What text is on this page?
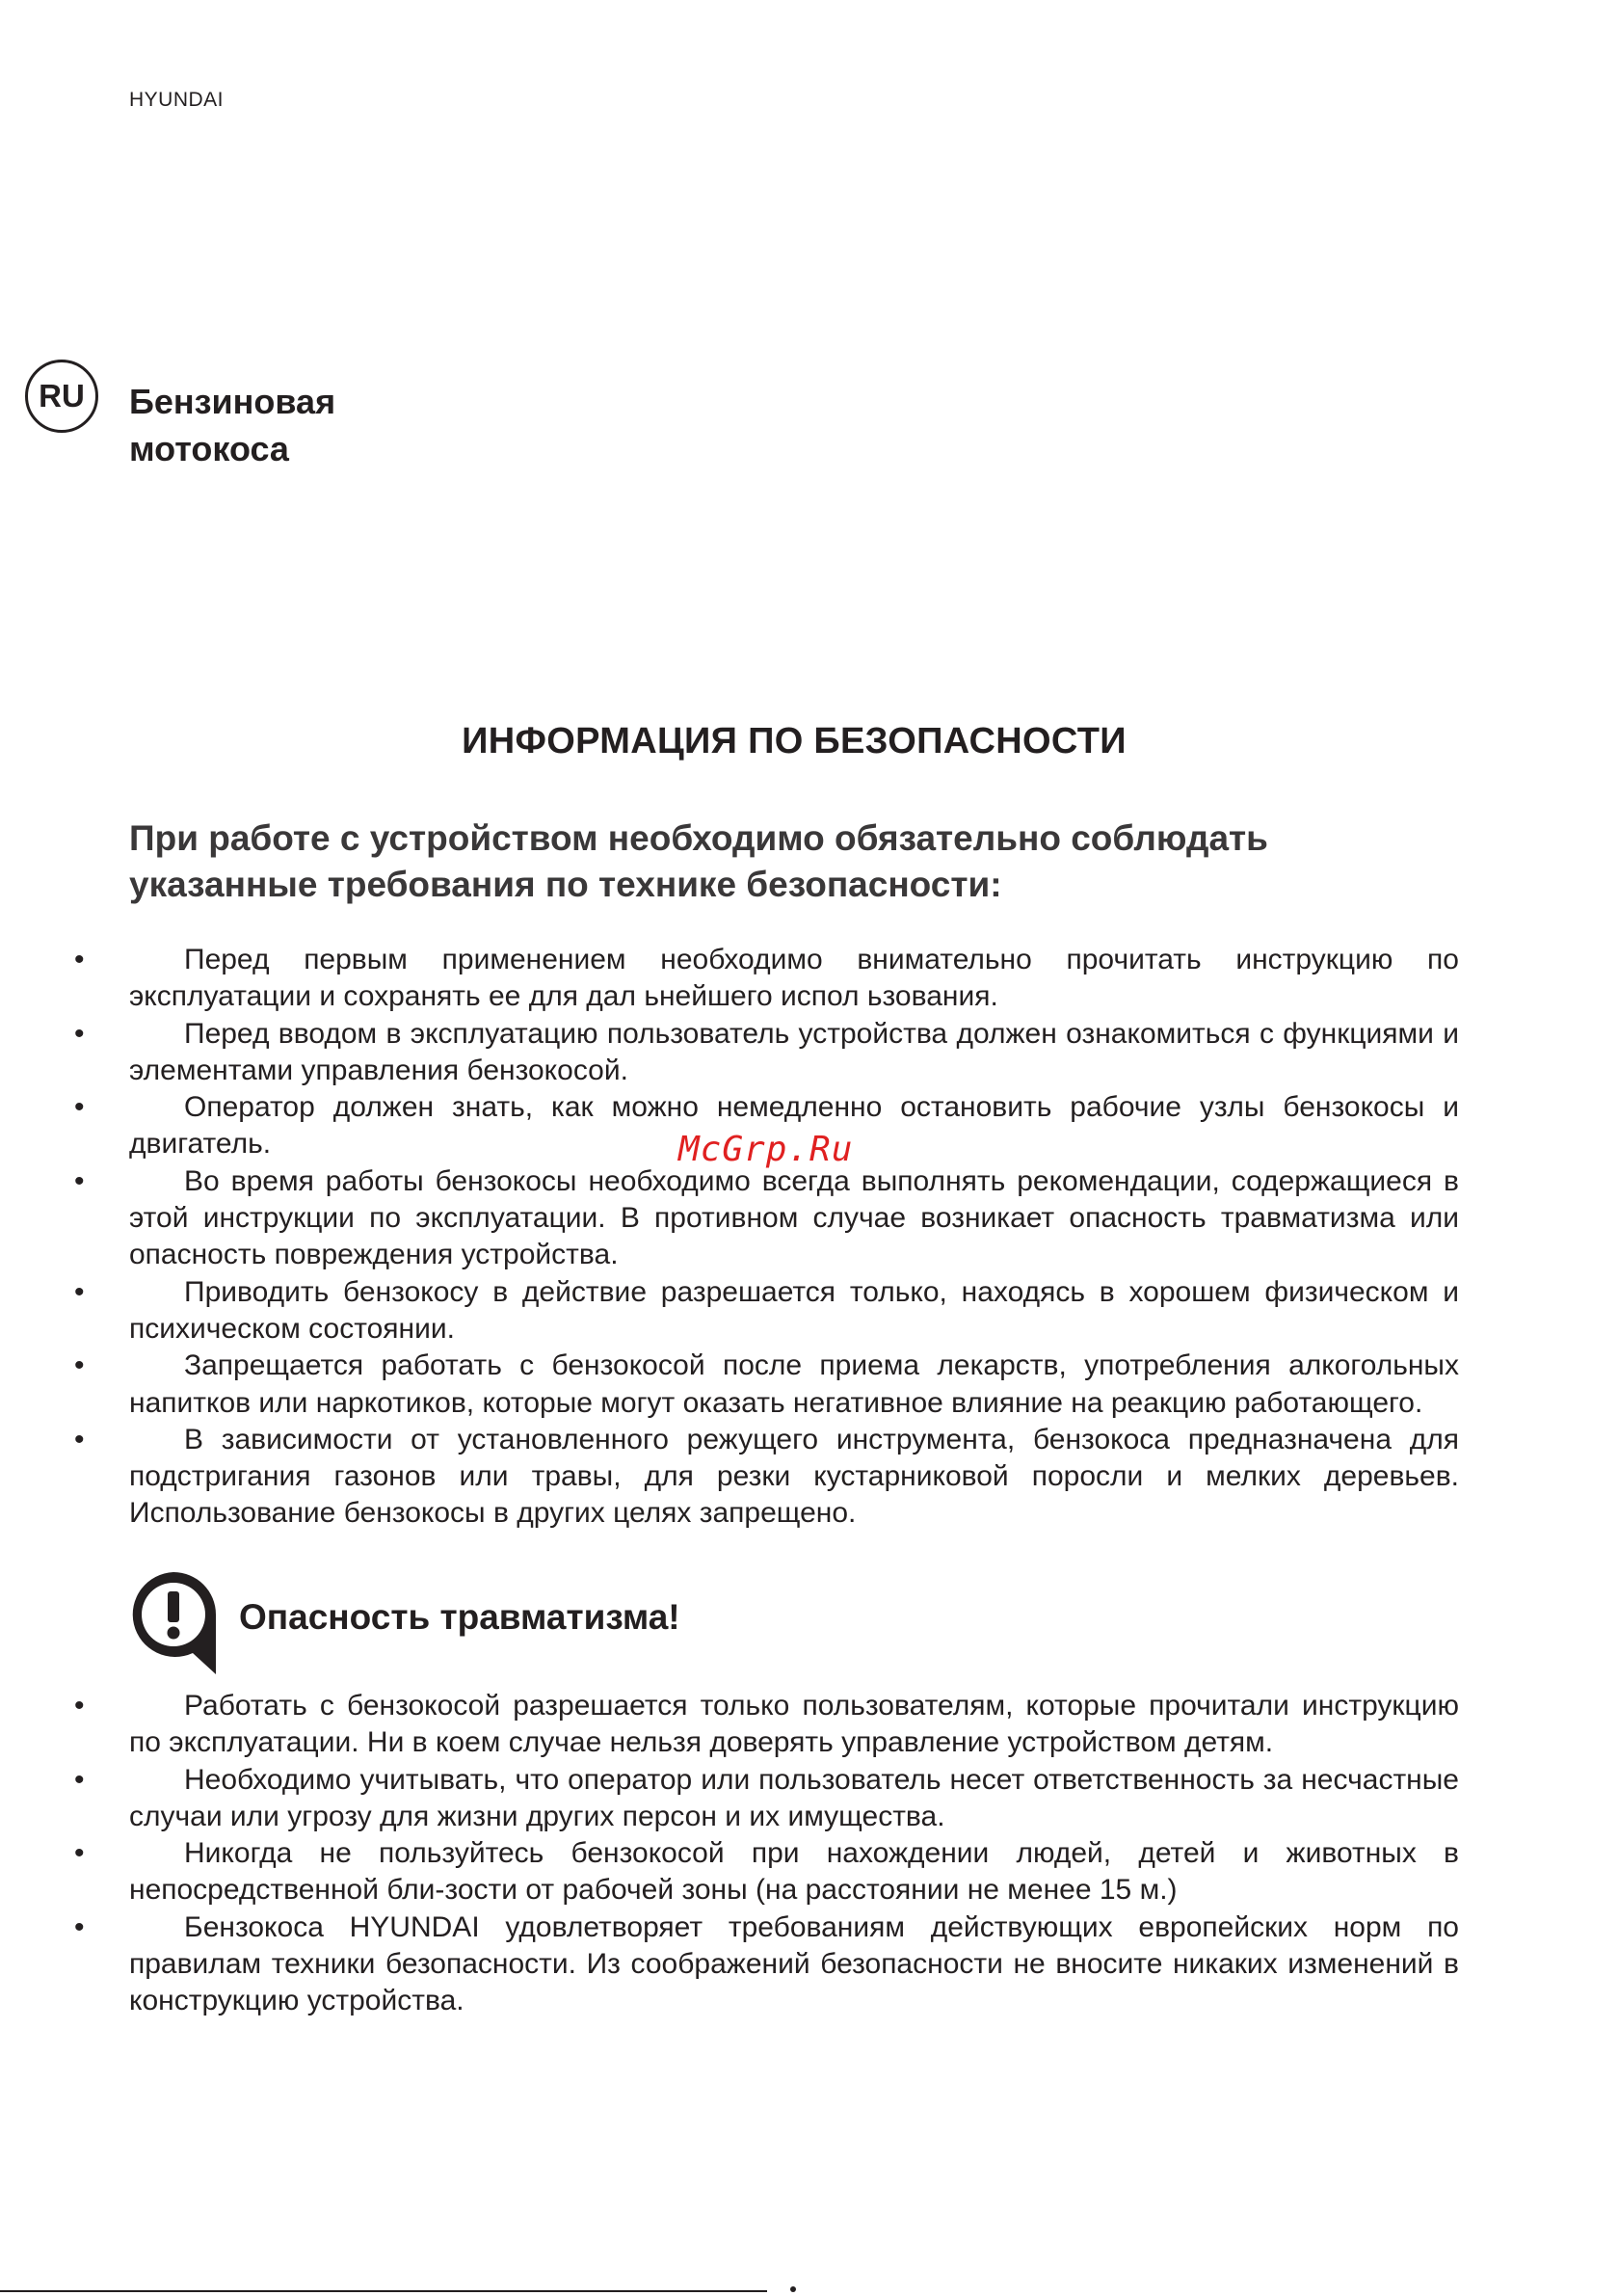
HYUNDAI
RU	Бензиновая
мотокоса
ИНФОРМАЦИЯ ПО БЕЗОПАСНОСТИ
При работе с устройством необходимо обязательно соблюдать указанные требования по технике безопасности:
• Перед первым применением необходимо внимательно прочитать инструкцию по эксплуатации и сохранять ее для дал ьнейшего испол ьзования.
• Перед вводом в эксплуатацию пользователь устройства должен ознакомиться с функциями и элементами управления бензокосой.
• Оператор должен знать, как можно немедленно остановить рабочие узлы бензокосы и двигатель.
• Во время работы бензокосы необходимо всегда выполнять рекомендации, содержащиеся в этой инструкции по эксплуатации. В противном случае возникает опасность травматизма или опасность повреждения устройства.
• Приводить бензокосу в действие разрешается только, находясь в хорошем физическом и психическом состоянии.
• Запрещается работать с бензокосой после приема лекарств, употребления алкогольных напитков или наркотиков, которые могут оказать негативное влияние на реакцию работающего.
• В зависимости от установленного режущего инструмента, бензокоса предназначена для подстригания газонов или травы, для резки кустарниковой поросли и мелких деревьев. Использование бензокосы в других целях запрещено.
Опасность травматизма!
• Работать с бензокосой разрешается только пользователям, которые прочитали инструкцию по эксплуатации. Ни в коем случае нельзя доверять управление устройством детям.
• Необходимо учитывать, что оператор или пользователь несет ответственность за несчастные случаи или угрозу для жизни других персон и их имущества.
• Никогда не пользуйтесь бензокосой при нахождении людей, детей и животных в непосредственной бли-зости от рабочей зоны (на расстоянии не менее 15 м.)
• Бензокоса HYUNDAI удовлетворяет требованиям действующих европейских норм по правилам техники безопасности. Из соображений безопасности не вносите никаких изменений в конструкцию устройства.
McGrp.Ru
